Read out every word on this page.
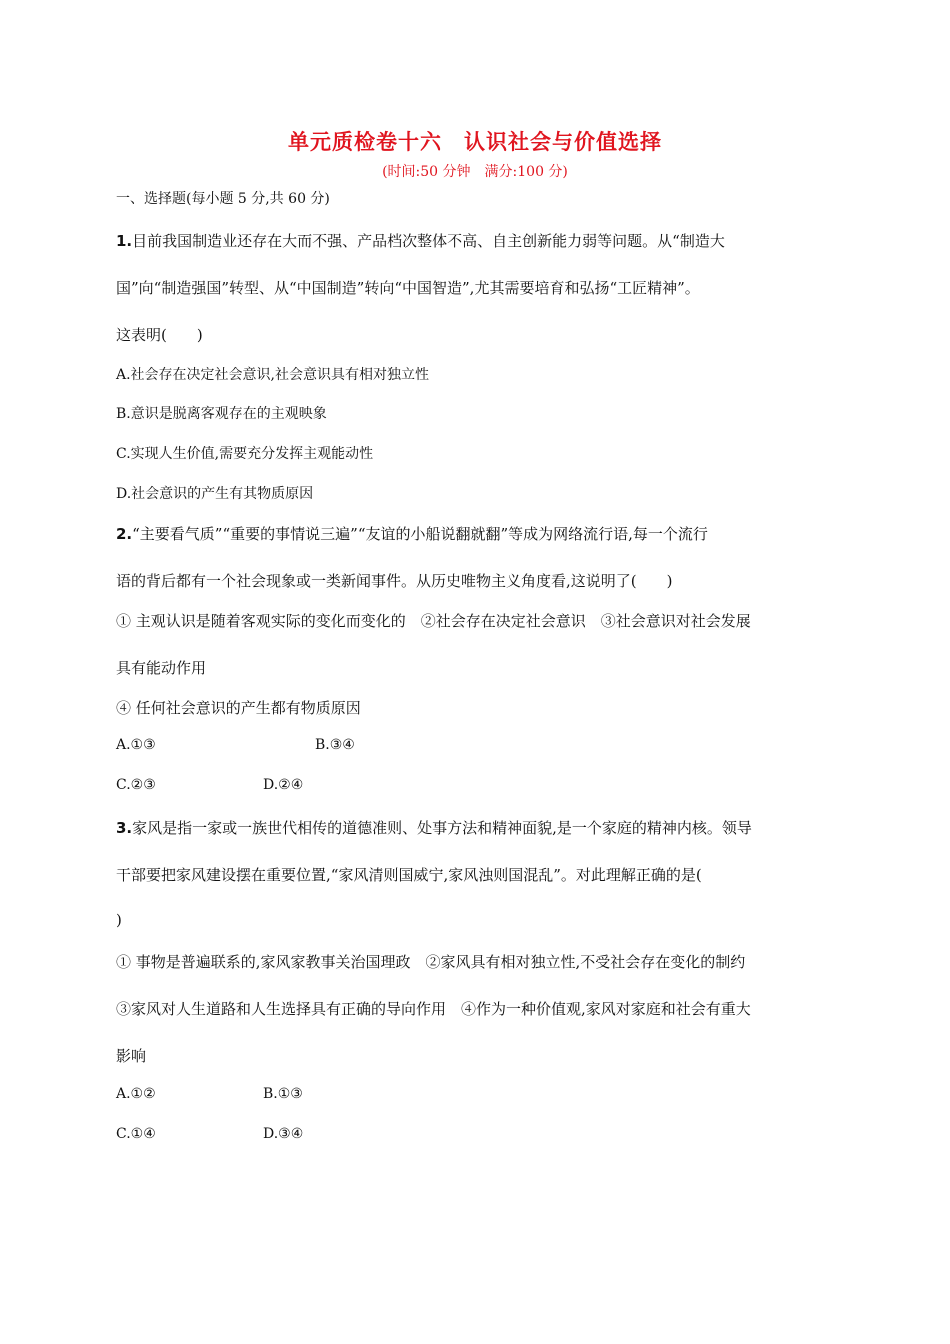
单元质检卷十六　认识社会与价值选择
(时间:50 分钟　满分:100 分)
一、选择题(每小题 5 分,共 60 分)
1.目前我国制造业还存在大而不强、产品档次整体不高、自主创新能力弱等问题。从“制造大
国”向“制造强国”转型、从“中国制造”转向“中国智造”,尤其需要培育和弘扬“工匠精神”。
这表明(　　)
A.社会存在决定社会意识,社会意识具有相对独立性
B.意识是脱离客观存在的主观映象
C.实现人生价值,需要充分发挥主观能动性
D.社会意识的产生有其物质原因
2.“主要看气质”“重要的事情说三遍”“友谊的小船说翻就翻”等成为网络流行语,每一个流行
语的背后都有一个社会现象或一类新闻事件。从历史唯物主义角度看,这说明了(　　)
① 主观认识是随着客观实际的变化而变化的　②社会存在决定社会意识　③社会意识对社会发展
具有能动作用
④ 任何社会意识的产生都有物质原因
A.①③	B.③④
C.②③	D.②④
3.家风是指一家或一族世代相传的道德准则、处事方法和精神面貌,是一个家庭的精神内核。领导
干部要把家风建设摆在重要位置,“家风清则国威宁,家风浊则国混乱”。对此理解正确的是(
)
① 事物是普遍联系的,家风家教事关治国理政　②家风具有相对独立性,不受社会存在变化的制约
③家风对人生道路和人生选择具有正确的导向作用　④作为一种价值观,家风对家庭和社会有重大
影响
A.①②	B.①③
C.①④	D.③④
